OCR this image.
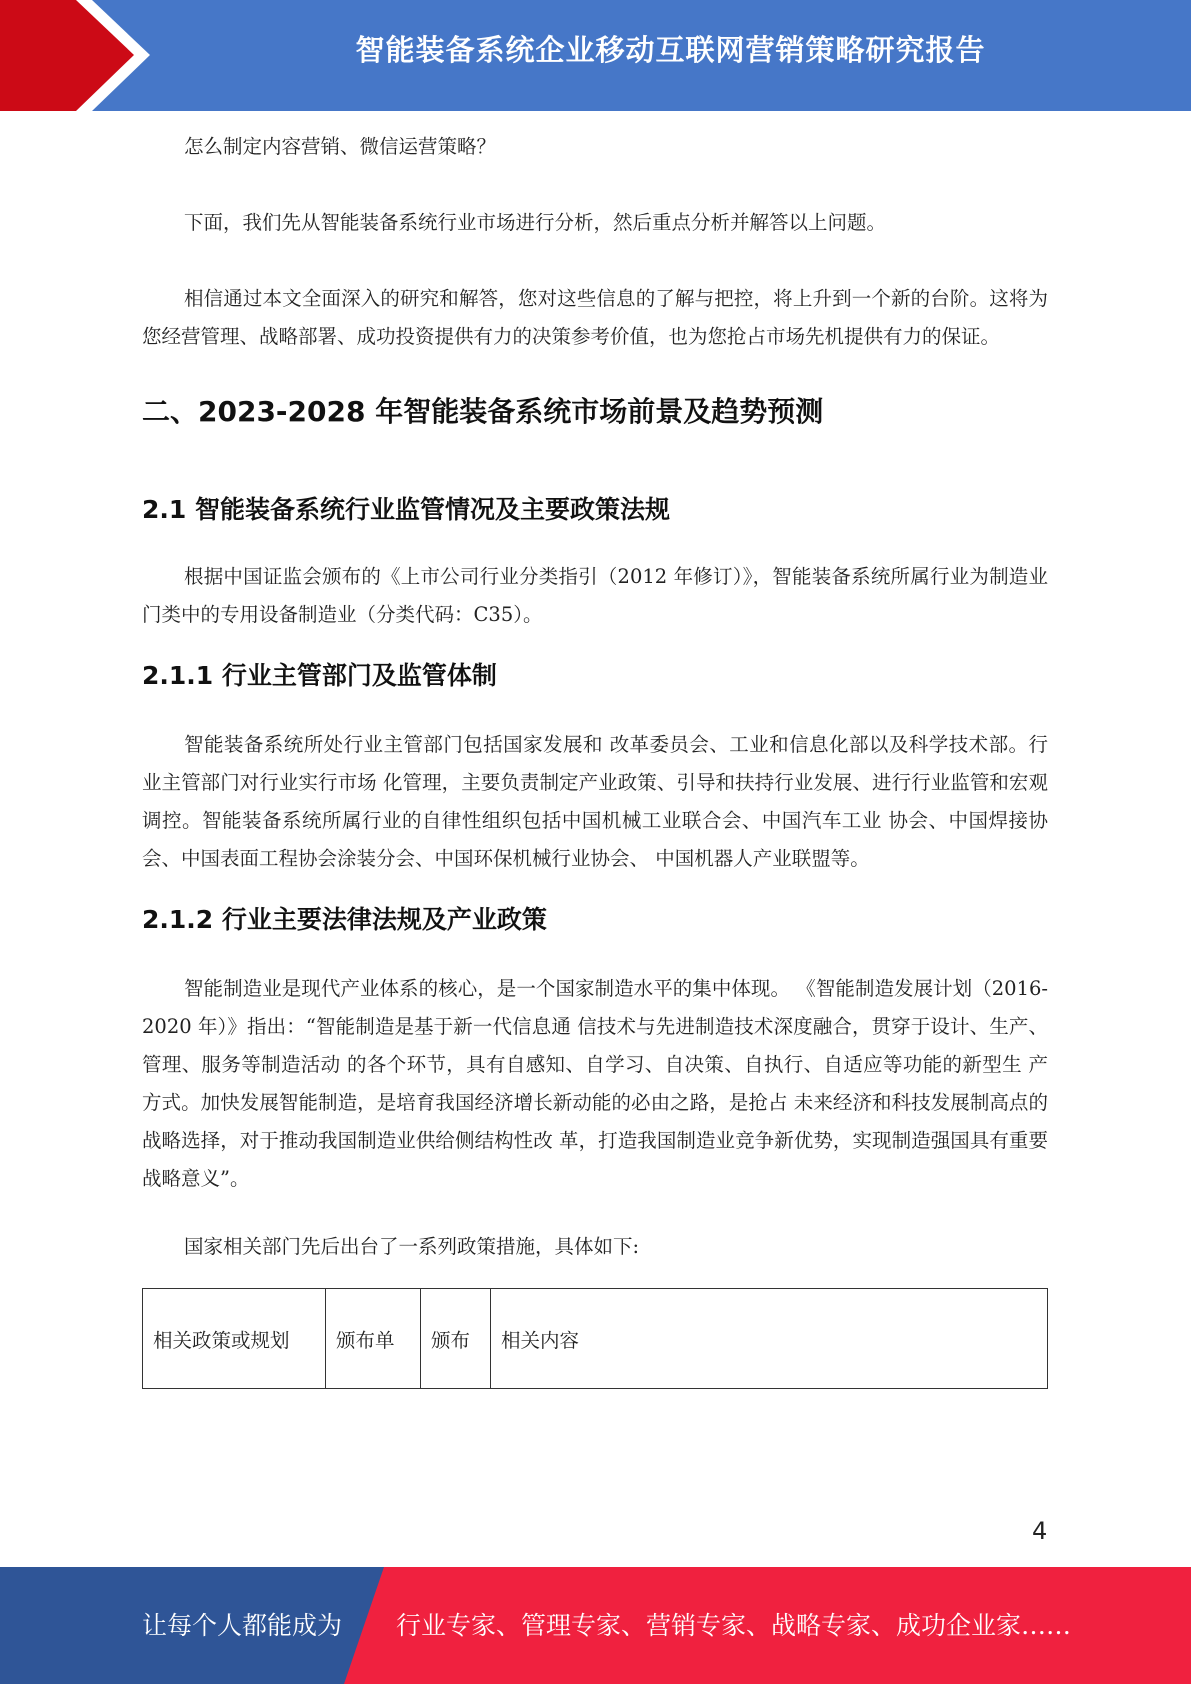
智能装备系统企业移动互联网营销策略研究报告

怎么制定内容营销、微信运营策略？

下面，我们先从智能装备系统行业市场进行分析，然后重点分析并解答以上问题。

相信通过本文全面深入的研究和解答，您对这些信息的了解与把控，将上升到一个新的台阶。这将为您经营管理、战略部署、成功投资提供有力的决策参考价值，也为您抢占市场先机提供有力的保证。

二、2023-2028 年智能装备系统市场前景及趋势预测
2.1 智能装备系统行业监管情况及主要政策法规

根据中国证监会颁布的《上市公司行业分类指引（2012 年修订）》，智能装备系统所属行业为制造业门类中的专用设备制造业（分类代码：C35）。

2.1.1 行业主管部门及监管体制

智能装备系统所处行业主管部门包括国家发展和 改革委员会、工业和信息化部以及科学技术部。行业主管部门对行业实行市场 化管理，主要负责制定产业政策、引导和扶持行业发展、进行行业监管和宏观 调控。智能装备系统所属行业的自律性组织包括中国机械工业联合会、中国汽车工业 协会、中国焊接协会、中国表面工程协会涂装分会、中国环保机械行业协会、 中国机器人产业联盟等。

2.1.2 行业主要法律法规及产业政策

智能制造业是现代产业体系的核心，是一个国家制造水平的集中体现。 《智能制造发展计划（2016-2020 年）》指出：“智能制造是基于新一代信息通 信技术与先进制造技术深度融合，贯穿于设计、生产、管理、服务等制造活动 的各个环节，具有自感知、自学习、自决策、自执行、自适应等功能的新型生 产方式。加快发展智能制造，是培育我国经济增长新动能的必由之路，是抢占 未来经济和科技发展制高点的战略选择，对于推动我国制造业供给侧结构性改 革，打造我国制造业竞争新优势，实现制造强国具有重要战略意义”。

国家相关部门先后出台了一系列政策措施，具体如下:

相关政策或规划	颁布单	颁布	相关内容
4
让每个人都能成为 行业专家、管理专家、营销专家、战略专家、成功企业家……
